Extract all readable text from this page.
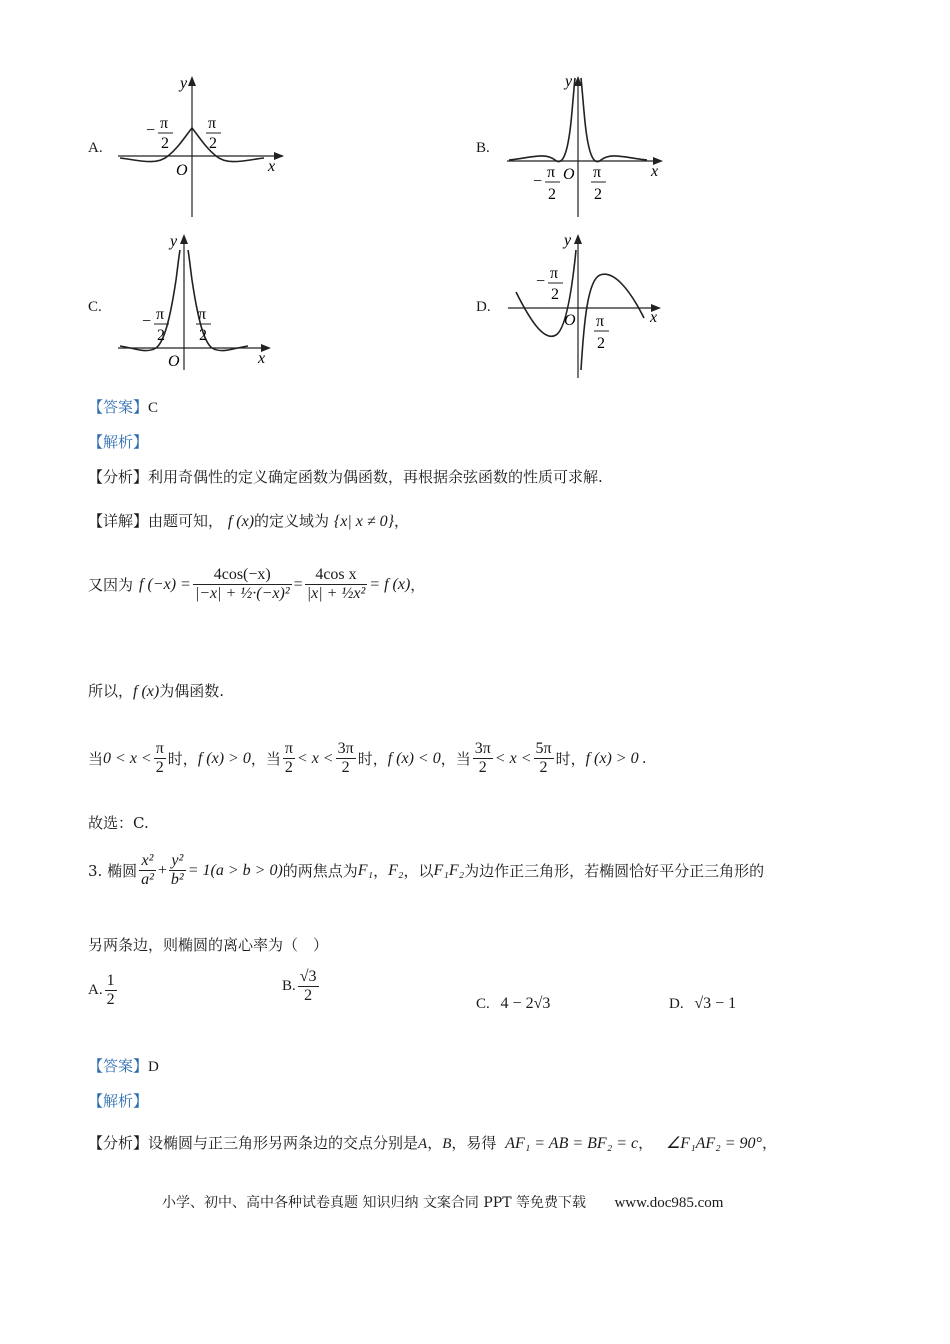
A.
y
x
O
− π
2
π
2	B.
y
x
O
−
π
2
π
2
C.
y
x
O
− π
2
π
2
D.
y
x
O
− π
2
π
2
【答案】C
【解析】
【分析】利用奇偶性的定义确定函数为偶函数，再根据余弦函数的性质可求解.
【详解】由题可知， f (x)的定义域为 {x| x ≠ 0}，
又因为 f $(-x) = \frac{4\cos(-x)}{\text{|−x| + ½·(−x)²}} = \frac{\text{4cos x}}{\text{|x| + ½x²}} = f$ (x) ，
所以，f (x)为偶函数.
当 $0 < x < \frac{\pi}{2}$ 时， f (x) > 0 ，当 $\frac{\pi}{2} < x < \frac{3\pi}{2}$ 时， f (x) < 0 ，当 $\frac{3\pi}{2} < x < \frac{5\pi}{2}$ 时， f (x) > 0 .
故选：C.
3. 椭圆 $\frac{\text{x²}}{\text{a²}} + \frac{\text{y²}}{\text{b²}} = 1(a > b > 0)$ 的两焦点为 F₁ ， F₂ ，以 F₁F₂ 为边作正三角形，若椭圆恰好平分正三角形的
另两条边，则椭圆的离心率为（　）
A. $\frac{1}{2}$	B. $\frac{√3}{2}$	C. 4 − 2√3	D. √3 − 1
【答案】D
【解析】
【分析】设椭圆与正三角形另两条边的交点分别是A，B，易得 AF₁ = AB = BF₂ = c， ∠F₁AF₂ = 90°，
小学、初中、高中各种试卷真题 知识归纳 文案合同 PPT 等免费下载 www.doc985.com
